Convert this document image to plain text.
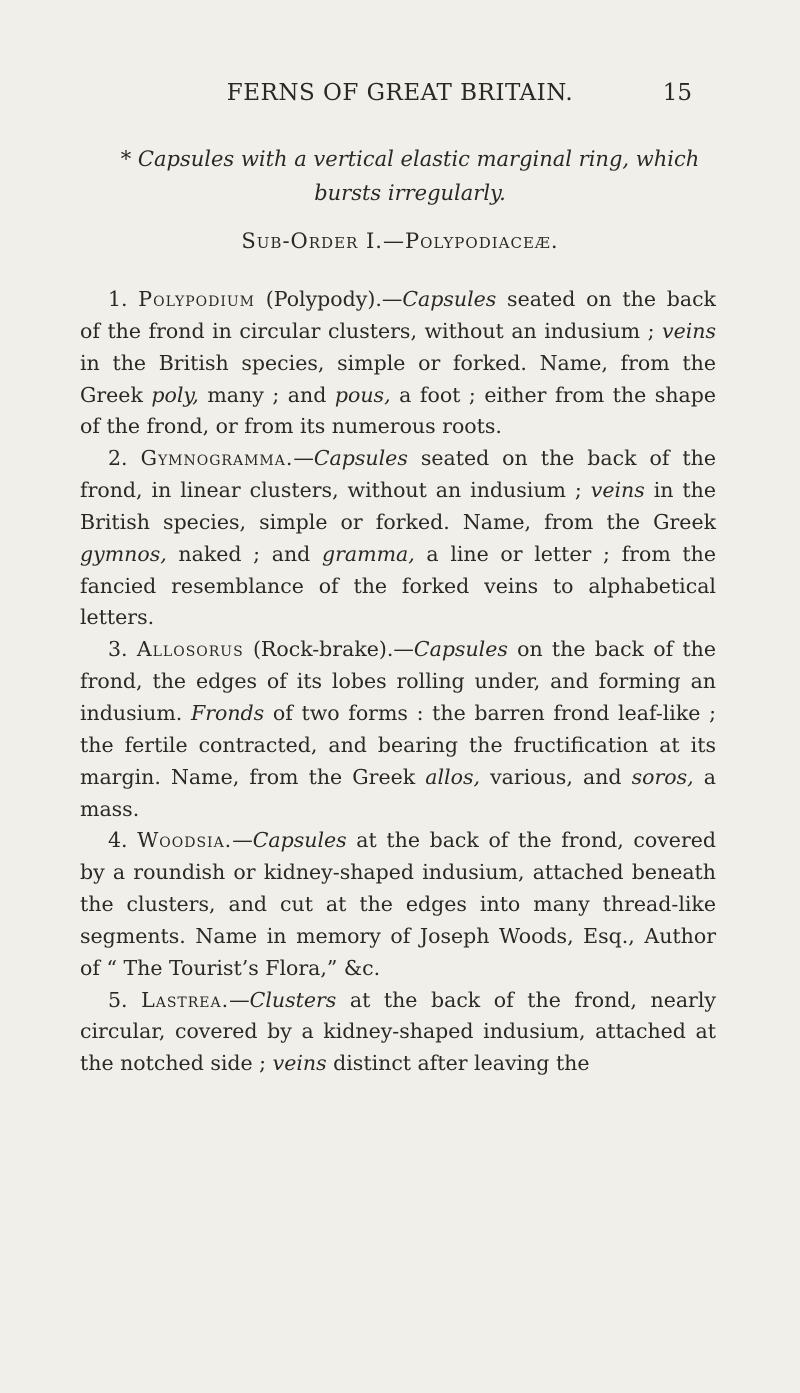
FERNS OF GREAT BRITAIN.	15
* Capsules with a vertical elastic marginal ring, which bursts irregularly.
Sub-Order I.—Polypodiaceæ.

1. Polypodium (Polypody).—Capsules seated on the back of the frond in circular clusters, without an indusium ; veins in the British species, simple or forked. Name, from the Greek poly, many ; and pous, a foot ; either from the shape of the frond, or from its numerous roots.

2. Gymnogramma.—Capsules seated on the back of the frond, in linear clusters, without an indusium ; veins in the British species, simple or forked. Name, from the Greek gymnos, naked ; and gramma, a line or letter ; from the fancied resemblance of the forked veins to alphabetical letters.

3. Allosorus (Rock-brake).—Capsules on the back of the frond, the edges of its lobes rolling under, and forming an indusium. Fronds of two forms : the barren frond leaf-like ; the fertile contracted, and bearing the fructification at its margin. Name, from the Greek allos, various, and soros, a mass.

4. Woodsia.—Capsules at the back of the frond, covered by a roundish or kidney-shaped indusium, attached beneath the clusters, and cut at the edges into many thread-like segments. Name in memory of Joseph Woods, Esq., Author of “ The Tourist’s Flora,” &c.

5. Lastrea.—Clusters at the back of the frond, nearly circular, covered by a kidney-shaped indusium, attached at the notched side ; veins distinct after leaving the
